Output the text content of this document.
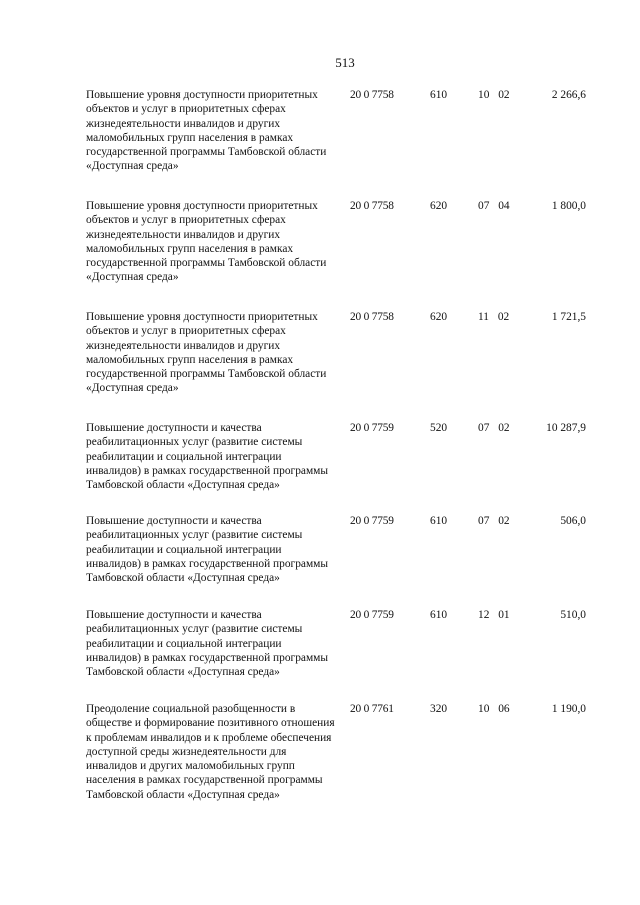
513
Повышение уровня доступности приоритетных объектов и услуг в приоритетных сферах жизнедеятельности инвалидов и других маломобильных групп населения в рамках государственной программы Тамбовской области «Доступная среда»
20 0 7758	610	10 02	2 266,6
Повышение уровня доступности приоритетных объектов и услуг в приоритетных сферах жизнедеятельности инвалидов и других маломобильных групп населения в рамках государственной программы Тамбовской области «Доступная среда»
20 0 7758	620	07 04	1 800,0
Повышение уровня доступности приоритетных объектов и услуг в приоритетных сферах жизнедеятельности инвалидов и других маломобильных групп населения в рамках государственной программы Тамбовской области «Доступная среда»
20 0 7758	620	11 02	1 721,5
Повышение доступности и качества реабилитационных услуг (развитие системы реабилитации и социальной интеграции инвалидов) в рамках государственной программы Тамбовской области «Доступная среда»
20 0 7759	520	07 02	10 287,9
Повышение доступности и качества реабилитационных услуг (развитие системы реабилитации и социальной интеграции инвалидов) в рамках государственной программы Тамбовской области «Доступная среда»
20 0 7759	610	07 02	506,0
Повышение доступности и качества реабилитационных услуг (развитие системы реабилитации и социальной интеграции инвалидов) в рамках государственной программы Тамбовской области «Доступная среда»
20 0 7759	610	12 01	510,0
Преодоление социальной разобщенности в обществе и формирование позитивного отношения к проблемам инвалидов и к проблеме обеспечения доступной среды жизнедеятельности для инвалидов и других маломобильных групп населения в рамках государственной программы Тамбовской области «Доступная среда»
20 0 7761	320	10 06	1 190,0
